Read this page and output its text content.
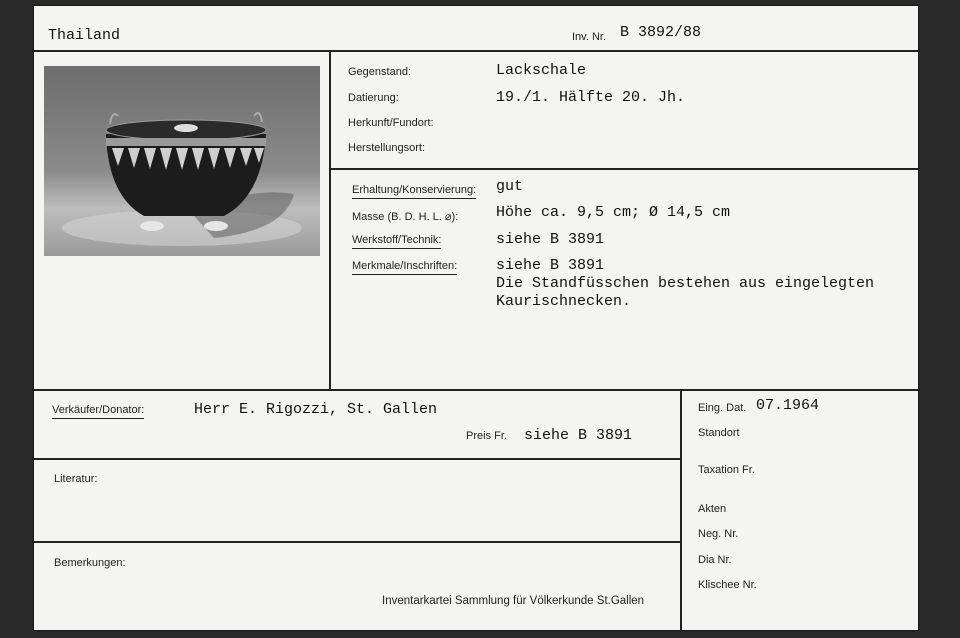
Thailand	Inv. Nr. B 3892/88
Gegenstand:	Lackschale
Datierung:	19./1. Hälfte 20. Jh.
Herkunft/Fundort:
Herstellungsort:
Erhaltung/Konservierung: gut
Masse (B. D. H. L. ⌀):	Höhe ca. 9,5 cm; Ø 14,5 cm
Werkstoff/Technik:	siehe B 3891
Merkmale/Inschriften:	siehe B 3891
Die Standfüsschen bestehen aus eingelegten
Kaurischnecken.
Verkäufer/Donator:	Herr E. Rigozzi, St. Gallen
Preis Fr. siehe B 3891
Literatur:
Bemerkungen:
Inventarkartei Sammlung für Völkerkunde St.Gallen
Eing. Dat. 07.1964
Standort
Taxation Fr.
Akten
Neg. Nr.
Dia Nr.
Klischee Nr.
